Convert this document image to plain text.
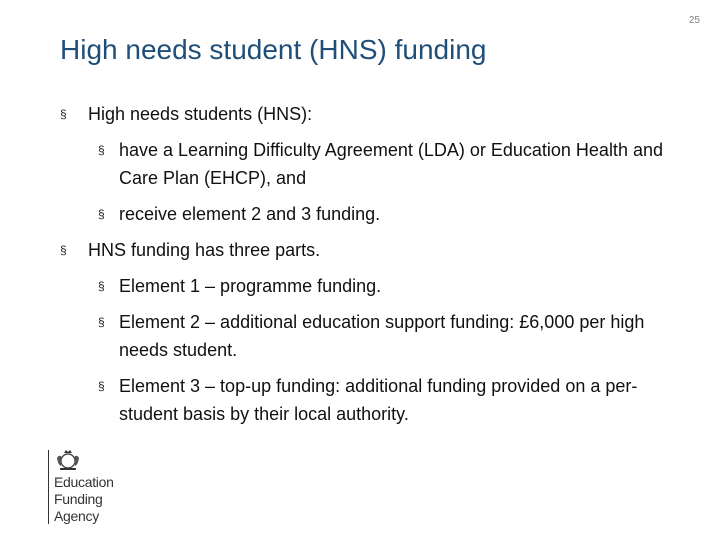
25
High needs student (HNS) funding
§ High needs students (HNS):
§ have a Learning Difficulty Agreement (LDA) or Education Health and Care Plan (EHCP), and
§ receive element 2 and 3 funding.
§ HNS funding has three parts.
§ Element 1 – programme funding.
§ Element 2 – additional education support funding: £6,000 per high needs student.
§ Element 3 – top-up funding: additional funding provided on a per-student basis by their local authority.
Education
Funding
Agency
